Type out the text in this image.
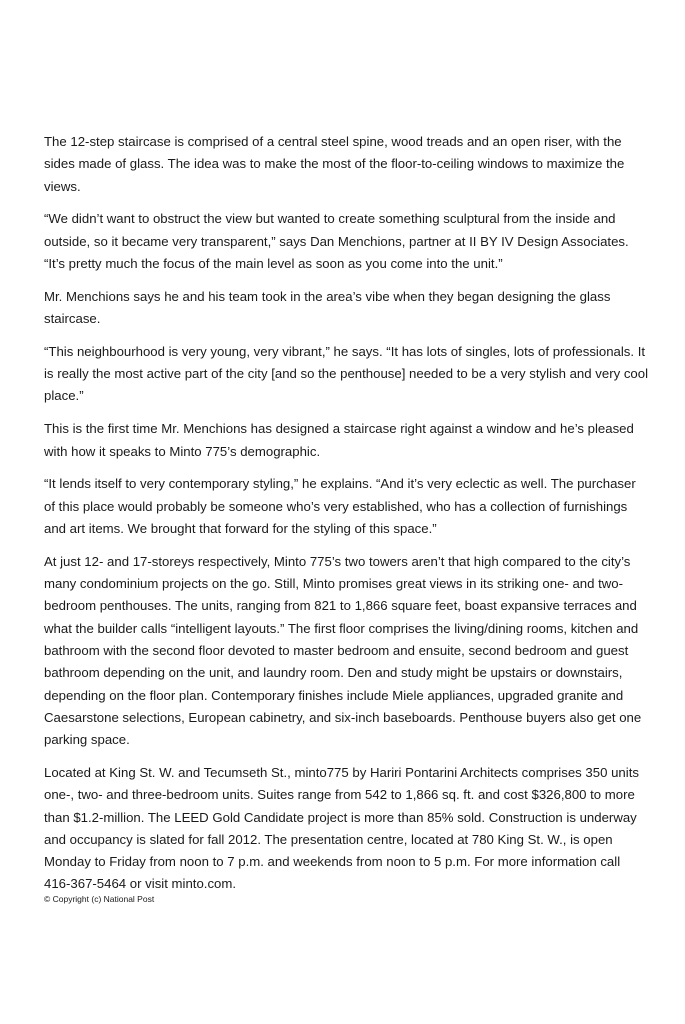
The 12-step staircase is comprised of a central steel spine, wood treads and an open riser, with the sides made of glass. The idea was to make the most of the floor-to-ceiling windows to maximize the views.

“We didn’t want to obstruct the view but wanted to create something sculptural from the inside and outside, so it became very transparent,” says Dan Menchions, partner at II BY IV Design Associates. “It’s pretty much the focus of the main level as soon as you come into the unit.”

Mr. Menchions says he and his team took in the area’s vibe when they began designing the glass staircase.

“This neighbourhood is very young, very vibrant,” he says. “It has lots of singles, lots of professionals. It is really the most active part of the city [and so the penthouse] needed to be a very stylish and very cool place.”

This is the first time Mr. Menchions has designed a staircase right against a window and he’s pleased with how it speaks to Minto 775’s demographic.

“It lends itself to very contemporary styling,” he explains. “And it’s very eclectic as well. The purchaser of this place would probably be someone who’s very established, who has a collection of furnishings and art items. We brought that forward for the styling of this space.”

At just 12- and 17-storeys respectively, Minto 775’s two towers aren’t that high compared to the city’s many condominium projects on the go. Still, Minto promises great views in its striking one- and two-bedroom penthouses. The units, ranging from 821 to 1,866 square feet, boast expansive terraces and what the builder calls “intelligent layouts.” The first floor comprises the living/dining rooms, kitchen and bathroom with the second floor devoted to master bedroom and ensuite, second bedroom and guest bathroom depending on the unit, and laundry room. Den and study might be upstairs or downstairs, depending on the floor plan. Contemporary finishes include Miele appliances, upgraded granite and Caesarstone selections, European cabinetry, and six-inch baseboards. Penthouse buyers also get one parking space.

Located at King St. W. and Tecumseth St., minto775 by Hariri Pontarini Architects comprises 350 units one-, two- and three-bedroom units. Suites range from 542 to 1,866 sq. ft. and cost $326,800 to more than $1.2-million. The LEED Gold Candidate project is more than 85% sold. Construction is underway and occupancy is slated for fall 2012. The presentation centre, located at 780 King St. W., is open Monday to Friday from noon to 7 p.m. and weekends from noon to 5 p.m. For more information call 416-367-5464 or visit minto.com.

© Copyright (c) National Post
